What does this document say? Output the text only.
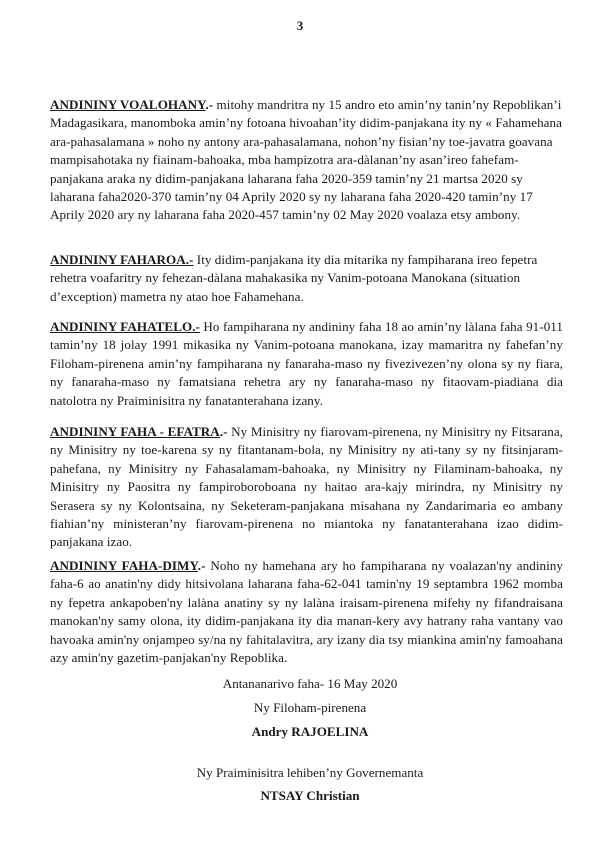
3
ANDININY VOALOHANY.- mitohy mandritra ny 15 andro eto amin’ny tanin’ny Repoblikan’i Madagasikara, manomboka amin’ny fotoana hivoahan’ity didim-panjakana ity ny « Fahamehana ara-pahasalamana » noho ny antony ara-pahasalamana, nohon’ny fisian’ny toe-javatra goavana mampisahotaka ny fiainam-bahoaka, mba hampizotra ara-dàlanan’ny asan’ireo fahefam-panjakana araka ny didim-panjakana laharana faha 2020-359 tamin’ny 21 martsa 2020 sy laharana faha2020-370 tamin’ny 04 Aprily 2020 sy ny laharana faha 2020-420 tamin’ny 17 Aprily 2020 ary ny laharana faha 2020-457 tamin’ny 02 May 2020 voalaza etsy ambony.
ANDININY FAHAROA.- Ity didim-panjakana ity dia mitarika ny fampiharana ireo fepetra rehetra voafaritry ny fehezan-dàlana mahakasika ny Vanim-potoana Manokana (situation d’exception) mametra ny atao hoe Fahamehana.
ANDININY FAHATELO.- Ho fampiharana ny andininy faha 18 ao amin’ny làlana faha 91-011 tamin’ny 18 jolay 1991 mikasika ny Vanim-potoana manokana, izay mamaritra ny fahefan’ny Filoham-pirenena amin’ny fampiharana ny fanaraha-maso ny fivezivezen’ny olona sy ny fiara, ny fanaraha-maso ny famatsiana rehetra ary ny fanaraha-maso ny fitaovam-piadiana dia natolotra ny Praiminisitra ny fanatanterahana izany.
ANDININY FAHA - EFATRA.- Ny Minisitry ny fiarovam-pirenena, ny Minisitry ny Fitsarana, ny Minisitry ny toe-karena sy ny fitantanam-bola, ny Minisitry ny ati-tany sy ny fitsinjaram-pahefana, ny Minisitry ny Fahasalamam-bahoaka, ny Minisitry ny Filaminam-bahoaka, ny Minisitry ny Paositra ny fampiroboroboana ny haitao ara-kajy mirindra, ny Minisitry ny Serasera sy ny Kolontsaina, ny Seketeram-panjakana misahana ny Zandarimaria eo ambany fiahian’ny ministeran’ny fiarovam-pirenena no miantoka ny fanatanterahana izao didim-panjakana izao.
ANDININY FAHA-DIMY.- Noho ny hamehana ary ho fampiharana ny voalazan'ny andininy faha-6 ao anatin'ny didy hitsivolana laharana faha-62-041 tamin'ny 19 septambra 1962 momba ny fepetra ankapoben'ny lalàna anatiny sy ny lalàna iraisam-pirenena mifehy ny fifandraisana manokan'ny samy olona, ity didim-panjakana ity dia manan-kery avy hatrany raha vantany vao havoaka amin'ny onjampeo sy/na ny fahitalavitra, ary izany dia tsy miankina amin'ny famoahana azy amin'ny gazetim-panjakan'ny Repoblika.
Antananarivo faha- 16 May 2020
Ny Filoham-pirenena
Andry RAJOELINA
Ny Praiminisitra lehiben’ny Governemanta
NTSAY Christian
